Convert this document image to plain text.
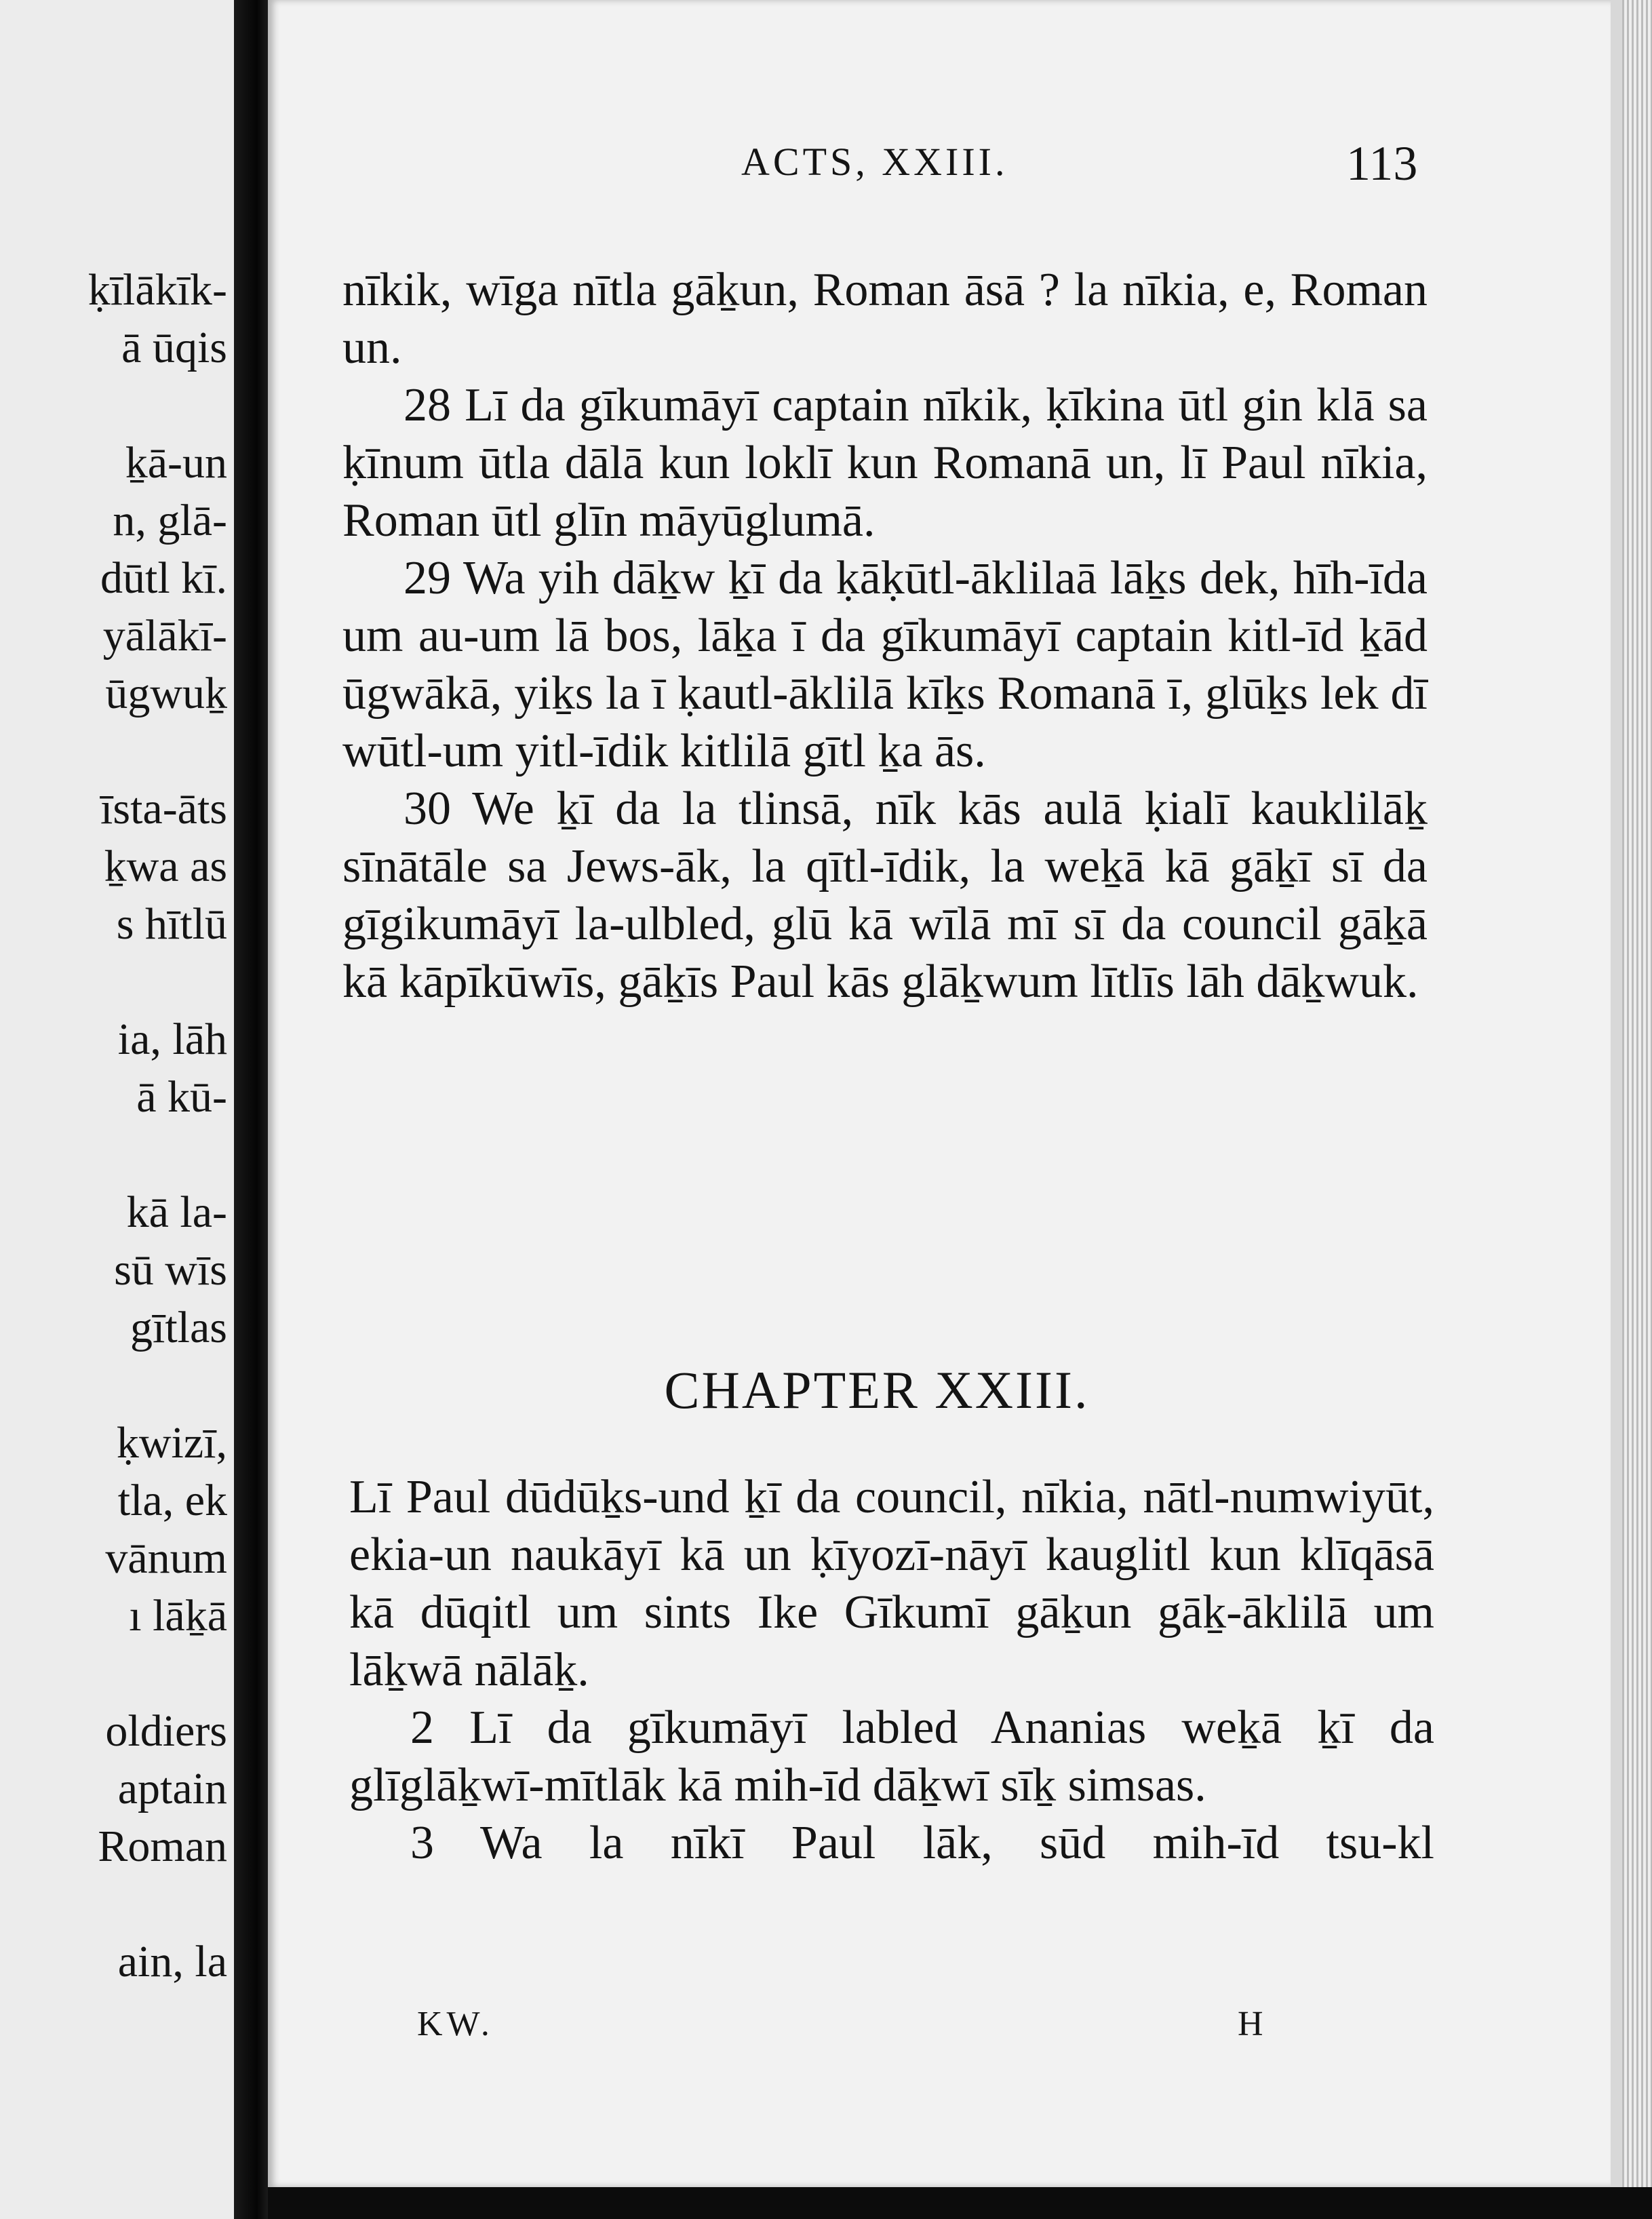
ḳīlākīk-
ā ūqis
ḵā-un
n, glā-
dūtl kī.
yālākī-
ūgwuḵ
īsta-āts
ḵwa as
s hītlū
ia, lāh
ā kū-
kā la-
sū wīs
gītlas
ḳwizī,
tla, ek
vānum
ı lāḵā
oldiers
aptain
Roman
ain, la
ACTS, XXIII.	113

nīkik, wīga nītla gāḵun, Roman āsā ? la nīkia, e, Roman un.

28 Lī da gīkumāyī captain nīkik, ḳīkina ūtl gin klā sa ḳīnum ūtla dālā kun loklī kun Romanā un, lī Paul nīkia, Roman ūtl glīn māyūglumā.

29 Wa yih dāḵw ḵī da ḳāḳūtl-āklilaā lāḵs dek, hīh-īda um au-um lā bos, lāḵa ī da gīkumāyī captain kitl-īd ḵād ūgwākā, yiḵs la ī ḳautl-āklilā kīḵs Romanā ī, glūḵs lek dī wūtl-um yitl-īdik kitlilā gītl ḵa ās.

30 We ḵī da la tlinsā, nīk kās aulā ḳialī kauklilāḵ sīnātāle sa Jews-āk, la qītl-īdik, la weḵā kā gāḵī sī da gīgikumāyī la-ulbled, glū kā wīlā mī sī da council gāḵā kā kāpīkūwīs, gāḵīs Paul kās glāḵwum lītlīs lāh dāḵwuk.

CHAPTER XXIII.

Lī Paul dūdūḵs-und ḵī da council, nīkia, nātl-numwiyūt, ekia-un naukāyī kā un ḳīyozī-nāyī kauglitl kun klīqāsā kā dūqitl um sints Ike Gīkumī gāḵun gāḵ-āklilā um lāḵwā nālāḵ.

2 Lī da gīkumāyī labled Ananias weḵā ḵī da glīglāḵwī-mītlāk kā mih-īd dāḵwī sīḵ simsas.

3 Wa la nīkī Paul lāk, sūd mih-īd tsu-kl

KW.	H
